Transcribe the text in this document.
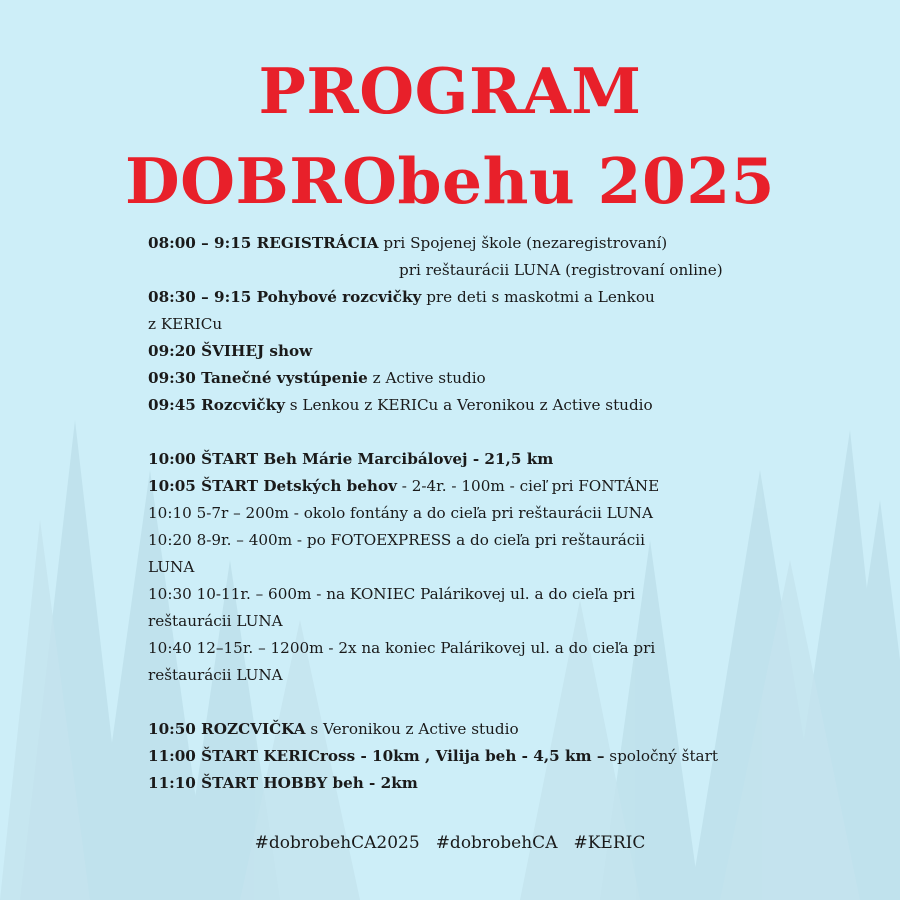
PROGRAM
DOBRObehu 2025
08:00 – 9:15 REGISTRÁCIA pri Spojenej škole (nezaregistrovaní)
pri reštaurácii LUNA (registrovaní online)
08:30 – 9:15 Pohybové rozcvičky pre deti s maskotmi a Lenkou
z KERICu
09:20 ŠVIHEJ show
09:30 Tanečné vystúpenie z Active studio
09:45 Rozcvičky s Lenkou z KERICu a Veronikou z Active studio
10:00 ŠTART Beh Márie Marcibálovej - 21,5 km
10:05 ŠTART Detských behov - 2-4r. - 100m - cieľ pri FONTÁNE
10:10 5-7r – 200m - okolo fontány a do cieľa pri reštaurácii LUNA
10:20 8-9r. – 400m - po FOTOEXPRESS a do cieľa pri reštaurácii
LUNA
10:30 10-11r. – 600m - na KONIEC Palárikovej ul. a do cieľa pri
reštaurácii LUNA
10:40 12–15r. – 1200m - 2x na koniec Palárikovej ul. a do cieľa pri
reštaurácii LUNA
10:50 ROZCVIČKA s Veronikou z Active studio
11:00 ŠTART KERICross - 10km , Vilija beh - 4,5 km – spoločný štart
11:10 ŠTART HOBBY beh - 2km
#dobrobehCA2025 #dobrobehCA #KERIC
